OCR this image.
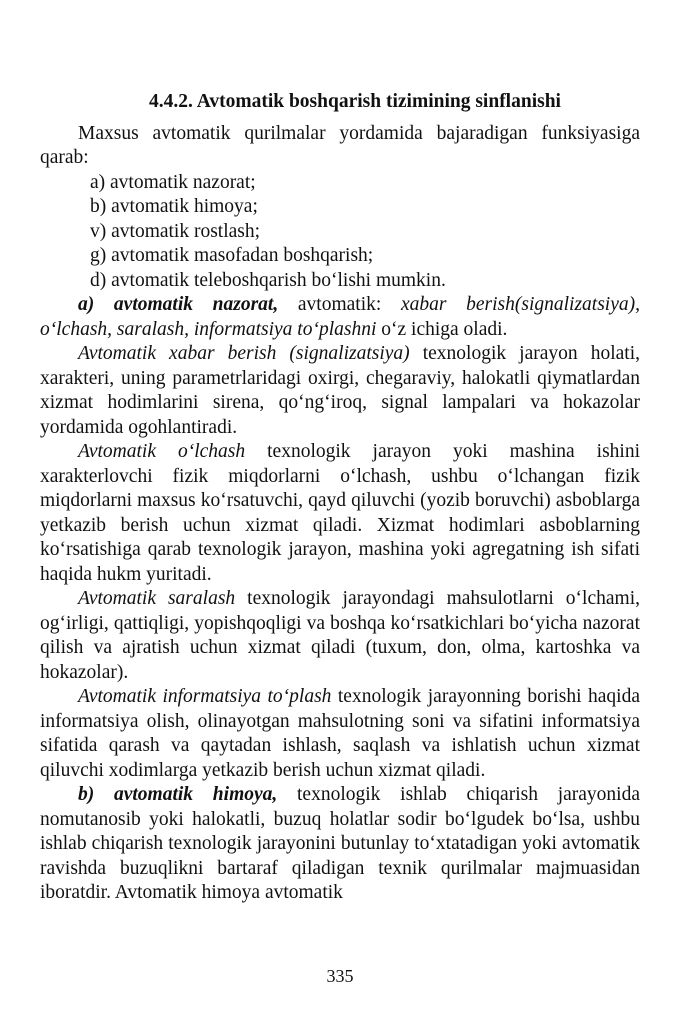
4.4.2. Avtomatik boshqarish tizimining sinflanishi

Maxsus avtomatik qurilmalar yordamida bajaradigan funksiyasiga qarab:

a) avtomatik nazorat;

b) avtomatik himoya;

v) avtomatik rostlash;

g) avtomatik masofadan boshqarish;

d) avtomatik teleboshqarish bo‘lishi mumkin.

a) avtomatik nazorat, avtomatik: xabar berish(signalizatsiya), o‘lchash, saralash, informatsiya to‘plashni o‘z ichiga oladi.

Avtomatik xabar berish (signalizatsiya) texnologik jarayon holati, xarakteri, uning parametrlaridagi oxirgi, chegaraviy, halokatli qiymatlardan xizmat hodimlarini sirena, qo‘ng‘iroq, signal lampalari va hokazolar yordamida ogohlantiradi.

Avtomatik o‘lchash texnologik jarayon yoki mashina ishini xarakterlovchi fizik miqdorlarni o‘lchash, ushbu o‘lchangan fizik miqdorlarni maxsus ko‘rsatuvchi, qayd qiluvchi (yozib boruvchi) asboblarga yetkazib berish uchun xizmat qiladi. Xizmat hodimlari asboblarning ko‘rsatishiga qarab texnologik jarayon, mashina yoki agregatning ish sifati haqida hukm yuritadi.

Avtomatik saralash texnologik jarayondagi mahsulotlarni o‘lchami, og‘irligi, qattiqligi, yopishqoqligi va boshqa ko‘rsatkichlari bo‘yicha nazorat qilish va ajratish uchun xizmat qiladi (tuxum, don, olma, kartoshka va hokazolar).

Avtomatik informatsiya to‘plash texnologik jarayonning borishi haqida informatsiya olish, olinayotgan mahsulotning soni va sifatini informatsiya sifatida qarash va qaytadan ishlash, saqlash va ishlatish uchun xizmat qiluvchi xodimlarga yetkazib berish uchun xizmat qiladi.

b) avtomatik himoya, texnologik ishlab chiqarish jarayonida nomutanosib yoki halokatli, buzuq holatlar sodir bo‘lgudek bo‘lsa, ushbu ishlab chiqarish texnologik jarayonini butunlay to‘xtatadigan yoki avtomatik ravishda buzuqlikni bartaraf qiladigan texnik qurilmalar majmuasidan iboratdir. Avtomatik himoya avtomatik

335
